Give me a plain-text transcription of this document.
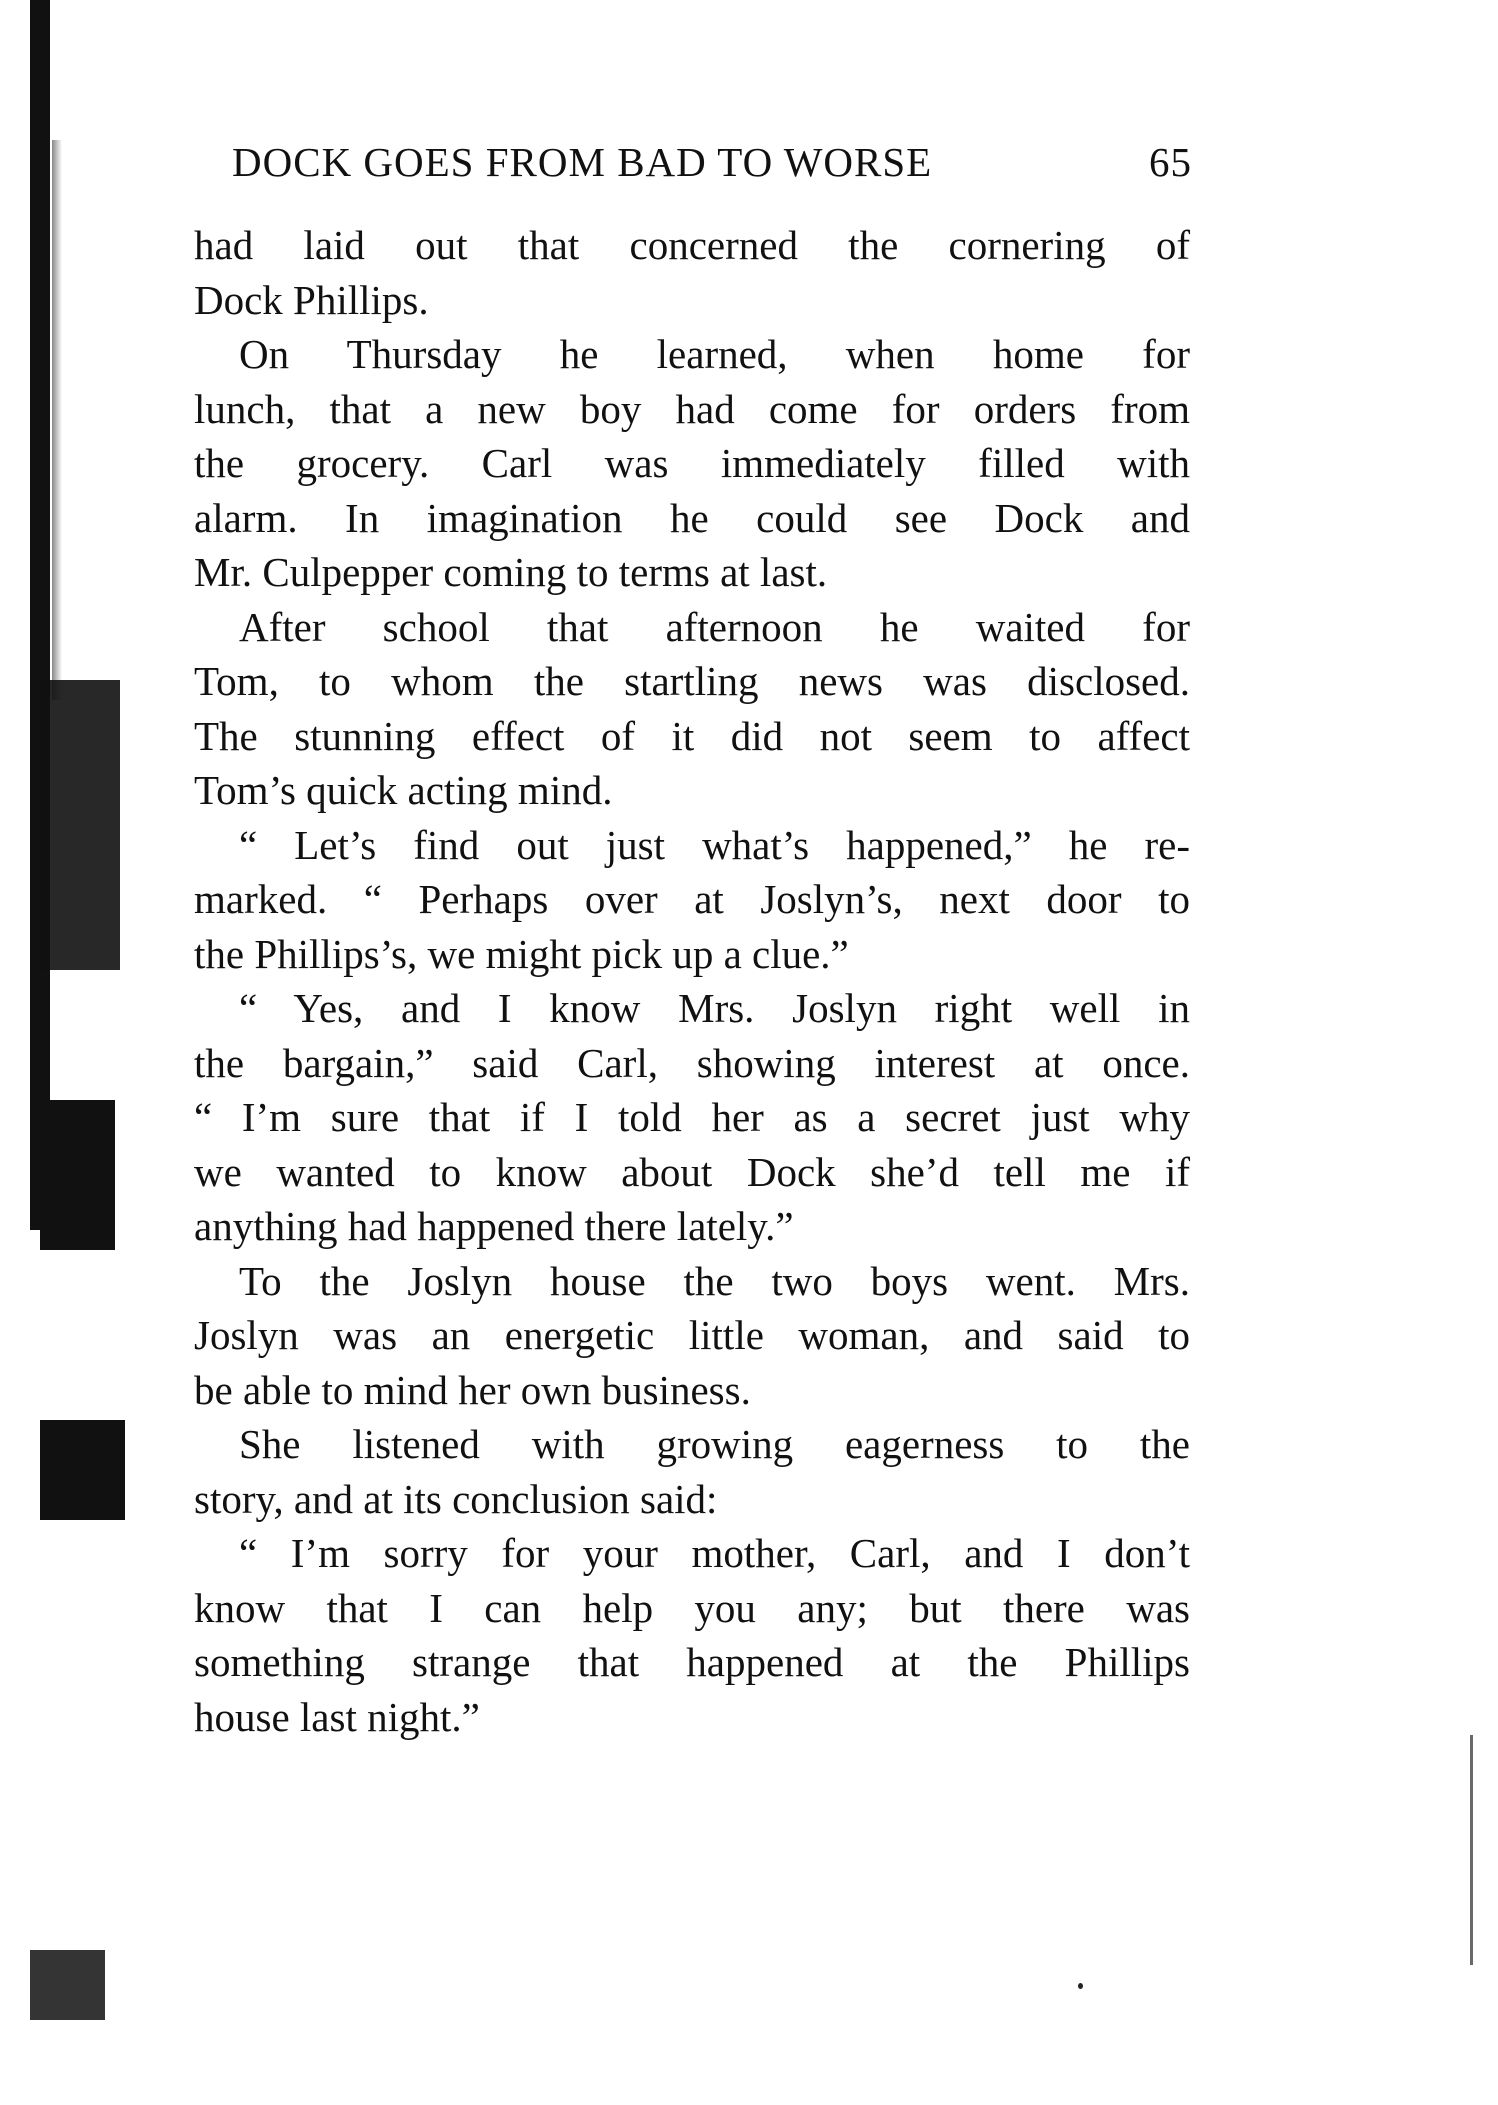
DOCK GOES FROM BAD TO WORSE	65
had laid out that concerned the cornering of
Dock Phillips.
On Thursday he learned, when home for
lunch, that a new boy had come for orders from
the grocery. Carl was immediately filled with
alarm. In imagination he could see Dock and
Mr. Culpepper coming to terms at last.
After school that afternoon he waited for
Tom, to whom the startling news was disclosed.
The stunning effect of it did not seem to affect
Tom’s quick acting mind.
“ Let’s find out just what’s happened,” he re-
marked. “ Perhaps over at Joslyn’s, next door to
the Phillips’s, we might pick up a clue.”
“ Yes, and I know Mrs. Joslyn right well in
the bargain,” said Carl, showing interest at once.
“ I’m sure that if I told her as a secret just why
we wanted to know about Dock she’d tell me if
anything had happened there lately.”
To the Joslyn house the two boys went. Mrs.
Joslyn was an energetic little woman, and said to
be able to mind her own business.
She listened with growing eagerness to the
story, and at its conclusion said:
“ I’m sorry for your mother, Carl, and I don’t
know that I can help you any; but there was
something strange that happened at the Phillips
house last night.”
